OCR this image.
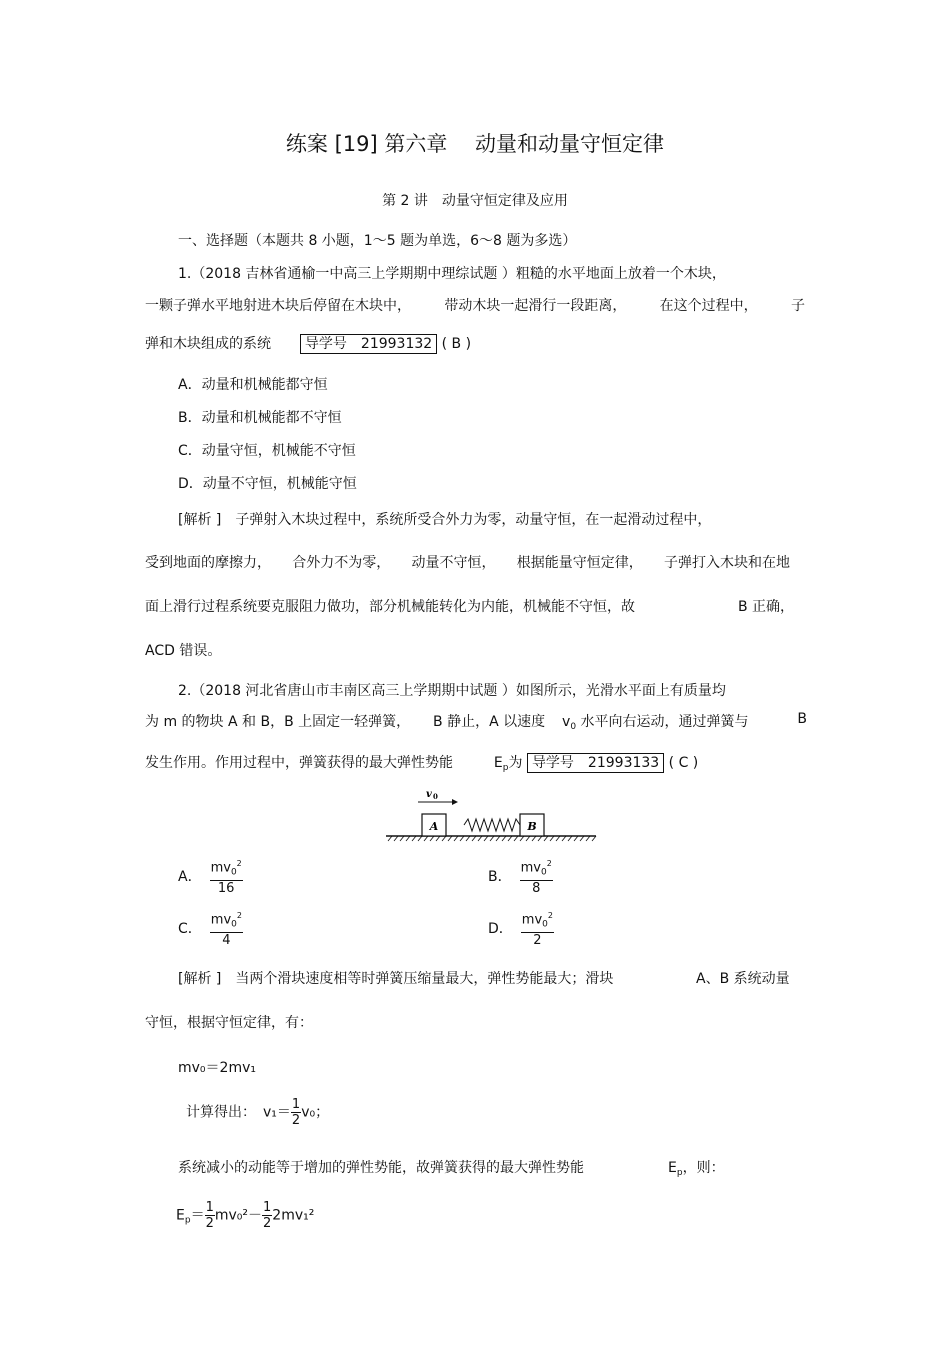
练案 [19] 第六章　 动量和动量守恒定律
第 2 讲　动量守恒定律及应用
一、选择题（本题共 8 小题，1～5 题为单选，6～8 题为多选）
1.（2018 吉林省通榆一中高三上学期期中理综试题 ）粗糙的水平地面上放着一个木块，
一颗子弹水平地射进木块后停留在木块中， 带动木块一起滑行一段距离， 在这个过程中， 子
弹和木块组成的系统 导学号　21993132 ( B )
A．动量和机械能都守恒
B．动量和机械能都不守恒
C．动量守恒，机械能不守恒
D．动量不守恒，机械能守恒
[解析 ]　子弹射入木块过程中，系统所受合外力为零，动量守恒，在一起滑动过程中，
受到地面的摩擦力， 合外力不为零， 动量不守恒， 根据能量守恒定律， 子弹打入木块和在地
面上滑行过程系统要克服阻力做功，部分机械能转化为内能，机械能不守恒，故	B 正确，
ACD 错误。
2.（2018 河北省唐山市丰南区高三上学期期中试题 ）如图所示，光滑水平面上有质量均
为 m 的物块 A 和 B，B 上固定一轻弹簧， B 静止，A 以速度 $v_0$ 水平向右运动，通过弹簧与	B
发生作用。作用过程中，弹簧获得的最大弹性势能	$E_p$为 导学号　21993133 ( C )
A	B
v 0
A． $\frac{mv_0^2}{16}$	B． $\frac{mv_0^2}{8}$
C． $\frac{mv_0^2}{4}$	D． $\frac{mv_0^2}{2}$
[解析 ]　当两个滑块速度相等时弹簧压缩量最大，弹性势能最大；滑块	A、B 系统动量
守恒，根据守恒定律，有：
mv₀＝2mv₁
计算得出：　$v_1= \frac{1}{2} v_0$；
系统减小的动能等于增加的弹性势能，故弹簧获得的最大弹性势能	$E_p$，则：
$E_p= \frac{1}{2} mv_0^2- \frac{1}{2} 2mv_1^2$
